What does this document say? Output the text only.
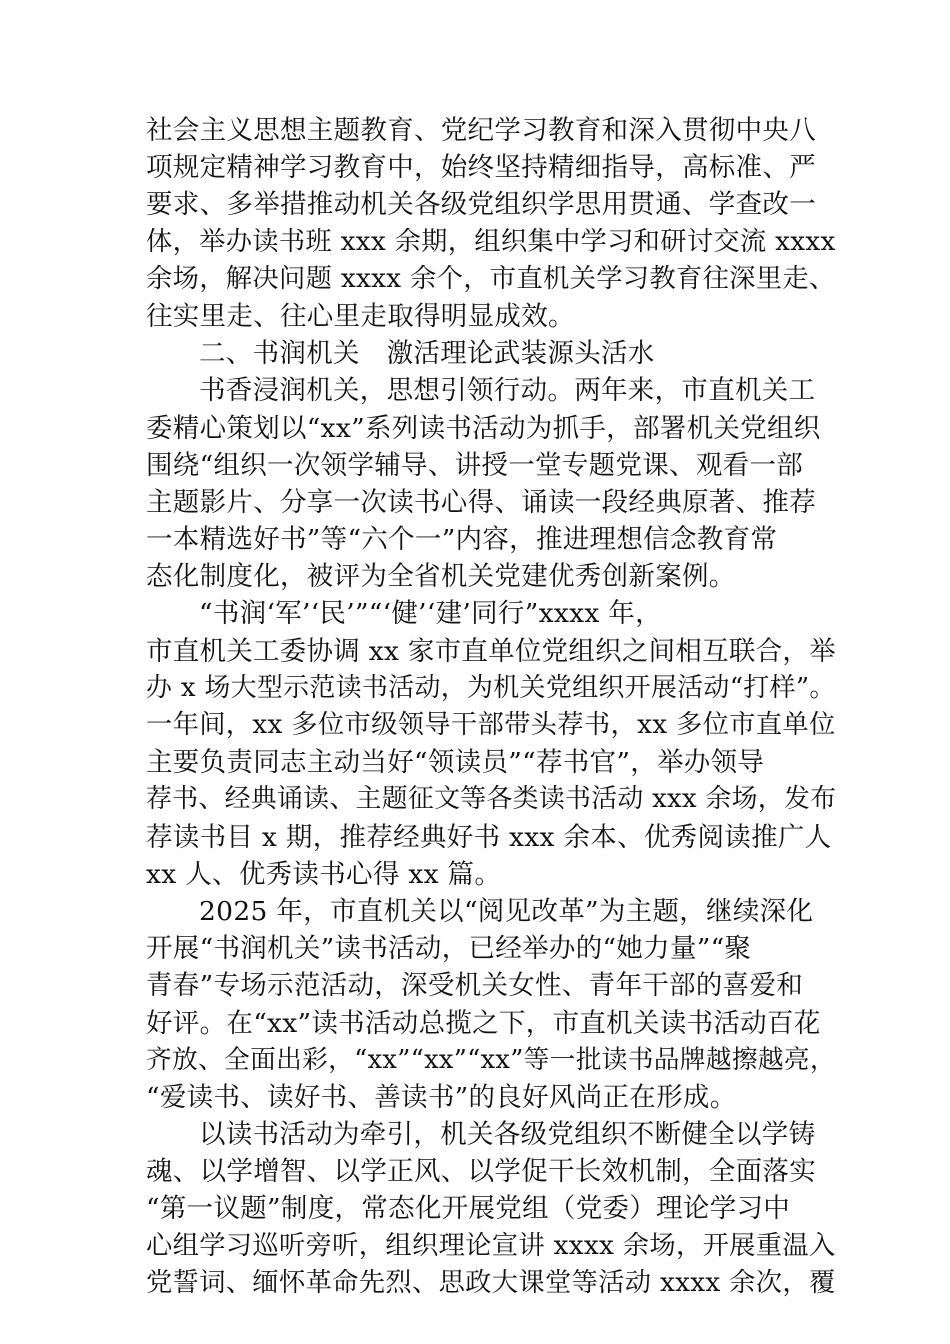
社会主义思想主题教育、党纪学习教育和深入贯彻中央八
项规定精神学习教育中，始终坚持精细指导，高标准、严
要求、多举措推动机关各级党组织学思用贯通、学查改一
体，举办读书班 xxx 余期，组织集中学习和研讨交流 xxxx
余场，解决问题 xxxx 余个，市直机关学习教育往深里走、
往实里走、往心里走取得明显成效。
二、书润机关　激活理论武装源头活水
书香浸润机关，思想引领行动。两年来，市直机关工
委精心策划以“xx”系列读书活动为抓手，部署机关党组织
围绕“组织一次领学辅导、讲授一堂专题党课、观看一部
主题影片、分享一次读书心得、诵读一段经典原著、推荐
一本精选好书”等“六个一”内容，推进理想信念教育常
态化制度化，被评为全省机关党建优秀创新案例。
“书润‘军’‘民’”“‘健’‘建’同行”xxxx 年，
市直机关工委协调 xx 家市直单位党组织之间相互联合，举
办 x 场大型示范读书活动，为机关党组织开展活动“打样”。
一年间，xx 多位市级领导干部带头荐书，xx 多位市直单位
主要负责同志主动当好“领读员”“荐书官”，举办领导
荐书、经典诵读、主题征文等各类读书活动 xxx 余场，发布
荐读书目 x 期，推荐经典好书 xxx 余本、优秀阅读推广人
xx 人、优秀读书心得 xx 篇。
2025 年，市直机关以“阅见改革”为主题，继续深化
开展“书润机关”读书活动，已经举办的“她力量”“聚
青春”专场示范活动，深受机关女性、青年干部的喜爱和
好评。在“xx”读书活动总揽之下，市直机关读书活动百花
齐放、全面出彩，“xx”“xx”“xx”等一批读书品牌越擦越亮，
“爱读书、读好书、善读书”的良好风尚正在形成。
以读书活动为牵引，机关各级党组织不断健全以学铸
魂、以学增智、以学正风、以学促干长效机制，全面落实
“第一议题”制度，常态化开展党组（党委）理论学习中
心组学习巡听旁听，组织理论宣讲 xxxx 余场，开展重温入
党誓词、缅怀革命先烈、思政大课堂等活动 xxxx 余次，覆
